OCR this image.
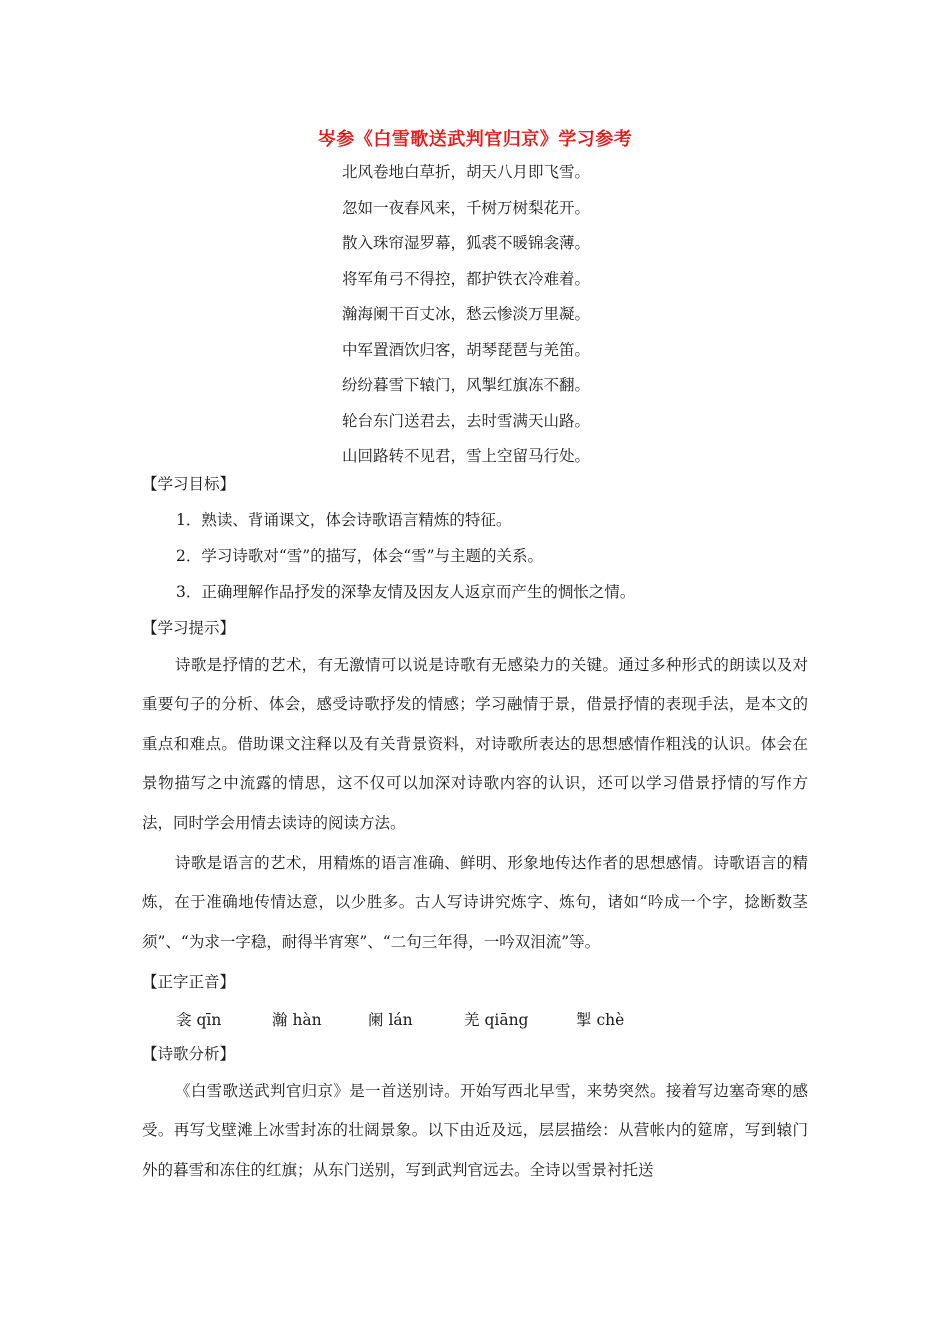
岑参《白雪歌送武判官归京》学习参考
北风卷地白草折，胡天八月即飞雪。
忽如一夜春风来，千树万树梨花开。
散入珠帘湿罗幕，狐裘不暖锦衾薄。
将军角弓不得控，都护铁衣冷难着。
瀚海阑干百丈冰，愁云惨淡万里凝。
中军置酒饮归客，胡琴琵琶与羌笛。
纷纷暮雪下辕门，风掣红旗冻不翻。
轮台东门送君去，去时雪满天山路。
山回路转不见君，雪上空留马行处。
【学习目标】
1．熟读、背诵课文，体会诗歌语言精炼的特征。
2．学习诗歌对“雪”的描写，体会“雪”与主题的关系。
3．正确理解作品抒发的深挚友情及因友人返京而产生的惆怅之情。
【学习提示】
诗歌是抒情的艺术，有无激情可以说是诗歌有无感染力的关键。通过多种形式的朗读以及对重要句子的分析、体会，感受诗歌抒发的情感；学习融情于景，借景抒情的表现手法，是本文的重点和难点。借助课文注释以及有关背景资料，对诗歌所表达的思想感情作粗浅的认识。体会在景物描写之中流露的情思，这不仅可以加深对诗歌内容的认识，还可以学习借景抒情的写作方法，同时学会用情去读诗的阅读方法。
诗歌是语言的艺术，用精炼的语言准确、鲜明、形象地传达作者的思想感情。诗歌语言的精炼，在于准确地传情达意，以少胜多。古人写诗讲究炼字、炼句，诸如“吟成一个字，捻断数茎须”、“为求一字稳，耐得半宵寒”、“二句三年得，一吟双泪流”等。
【正字正音】
衾 qīn	瀚 hàn	阑 lán	羌 qiāng	掣 chè
【诗歌分析】
《白雪歌送武判官归京》是一首送别诗。开始写西北早雪，来势突然。接着写边塞奇寒的感受。再写戈壁滩上冰雪封冻的壮阔景象。以下由近及远，层层描绘：从营帐内的筵席，写到辕门外的暮雪和冻住的红旗；从东门送别，写到武判官远去。全诗以雪景衬托送
